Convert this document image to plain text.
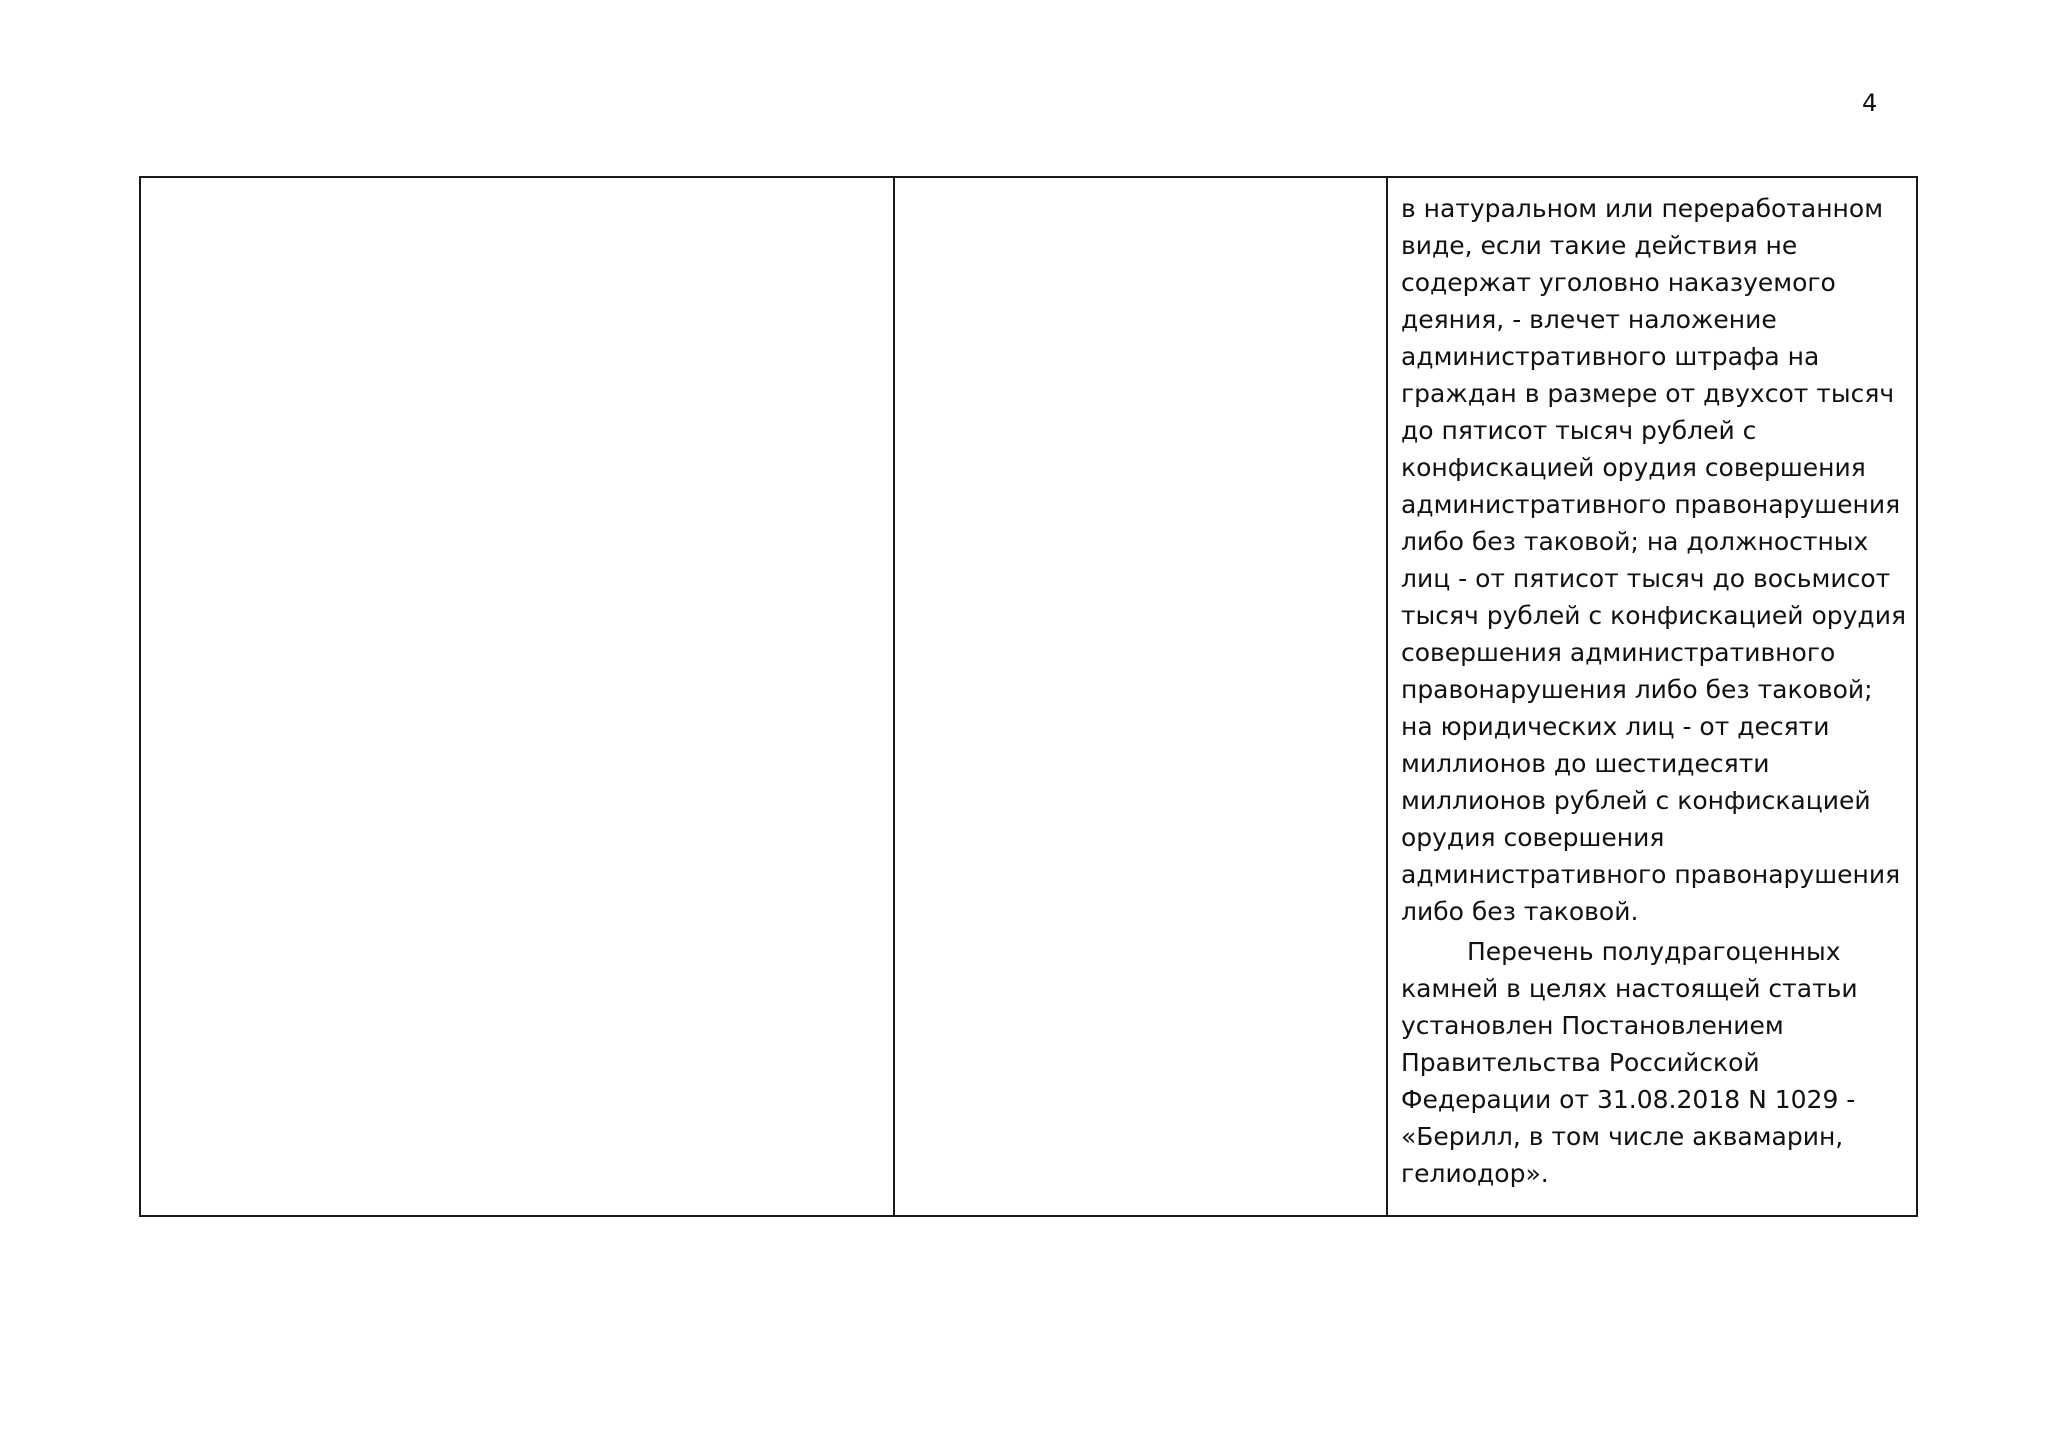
4
в натуральном или переработанном
виде, если такие действия не
содержат уголовно наказуемого
деяния, - влечет наложение
административного штрафа на
граждан в размере от двухсот тысяч
до пятисот тысяч рублей с
конфискацией орудия совершения
административного правонарушения
либо без таковой; на должностных
лиц - от пятисот тысяч до восьмисот
тысяч рублей с конфискацией орудия
совершения административного
правонарушения либо без таковой;
на юридических лиц - от десяти
миллионов до шестидесяти
миллионов рублей с конфискацией
орудия совершения
административного правонарушения
либо без таковой.
Перечень полудрагоценных
камней в целях настоящей статьи
установлен Постановлением
Правительства Российской
Федерации от 31.08.2018 N 1029 -
«Берилл, в том числе аквамарин,
гелиодор».
